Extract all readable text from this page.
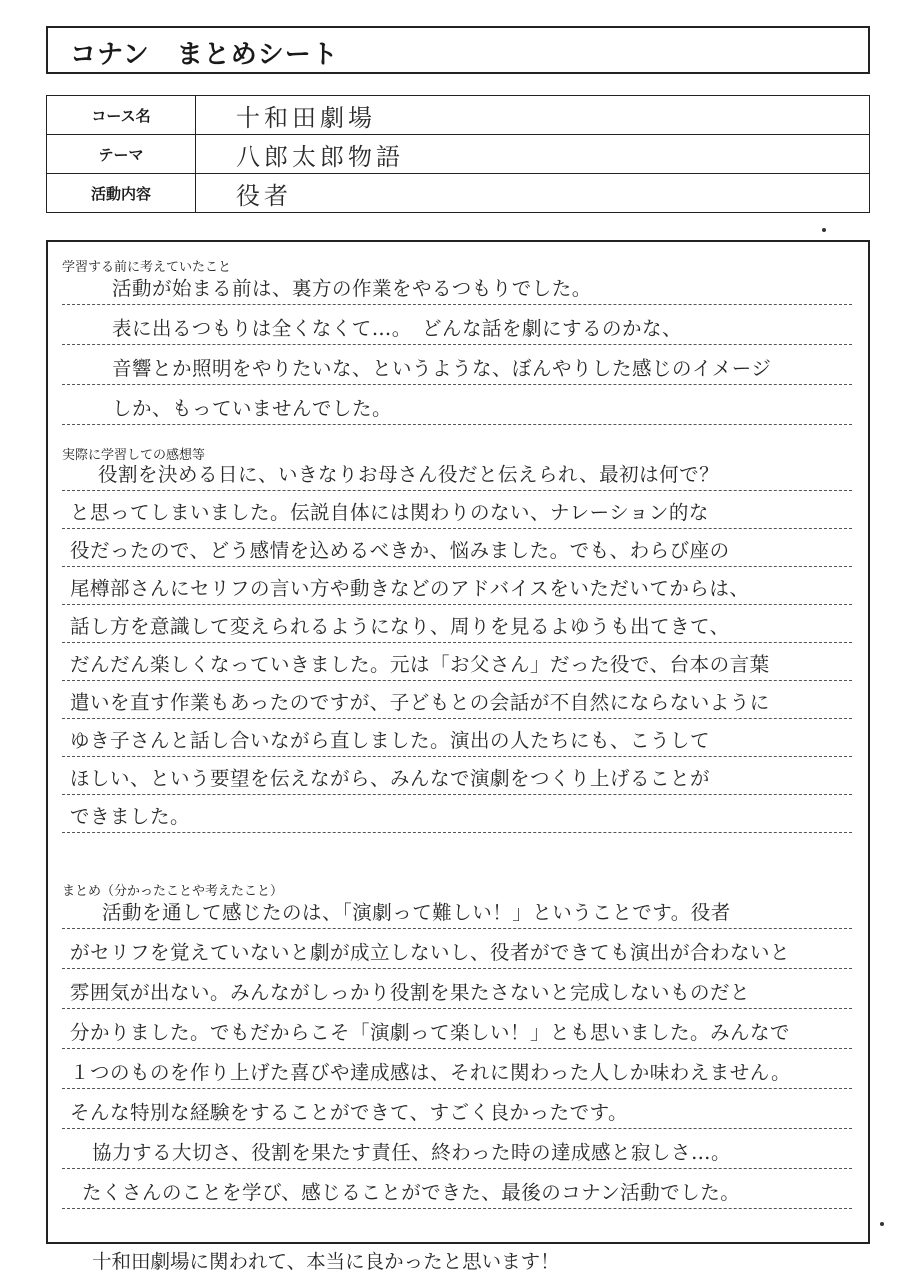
コナン　まとめシート
コース名	十和田劇場
テーマ	八郎太郎物語
活動内容	役者
学習する前に考えていたこと
活動が始まる前は、裏方の作業をやるつもりでした。
表に出るつもりは全くなくて…。　どんな話を劇にするのかな、
音響とか照明をやりたいな、というような、ぼんやりした感じのイメージ
しか、もっていませんでした。
実際に学習しての感想等
役割を決める日に、いきなりお母さん役だと伝えられ、最初は何で？
と思ってしまいました。伝説自体には関わりのない、ナレーション的な
役だったので、どう感情を込めるべきか、悩みました。でも、わらび座の
尾樽部さんにセリフの言い方や動きなどのアドバイスをいただいてからは、
話し方を意識して変えられるようになり、周りを見るよゆうも出てきて、
だんだん楽しくなっていきました。元は「お父さん」だった役で、台本の言葉
遣いを直す作業もあったのですが、子どもとの会話が不自然にならないように
ゆき子さんと話し合いながら直しました。演出の人たちにも、こうして
ほしい、という要望を伝えながら、みんなで演劇をつくり上げることが
できました。
まとめ（分かったことや考えたこと）
活動を通して感じたのは、「演劇って難しい！」ということです。役者
がセリフを覚えていないと劇が成立しないし、役者ができても演出が合わないと
雰囲気が出ない。みんながしっかり役割を果たさないと完成しないものだと
分かりました。でもだからこそ「演劇って楽しい！」とも思いました。みんなで
１つのものを作り上げた喜びや達成感は、それに関わった人しか味わえません。
そんな特別な経験をすることができて、すごく良かったです。
協力する大切さ、役割を果たす責任、終わった時の達成感と寂しさ…。
たくさんのことを学び、感じることができた、最後のコナン活動でした。
十和田劇場に関われて、本当に良かったと思います！
